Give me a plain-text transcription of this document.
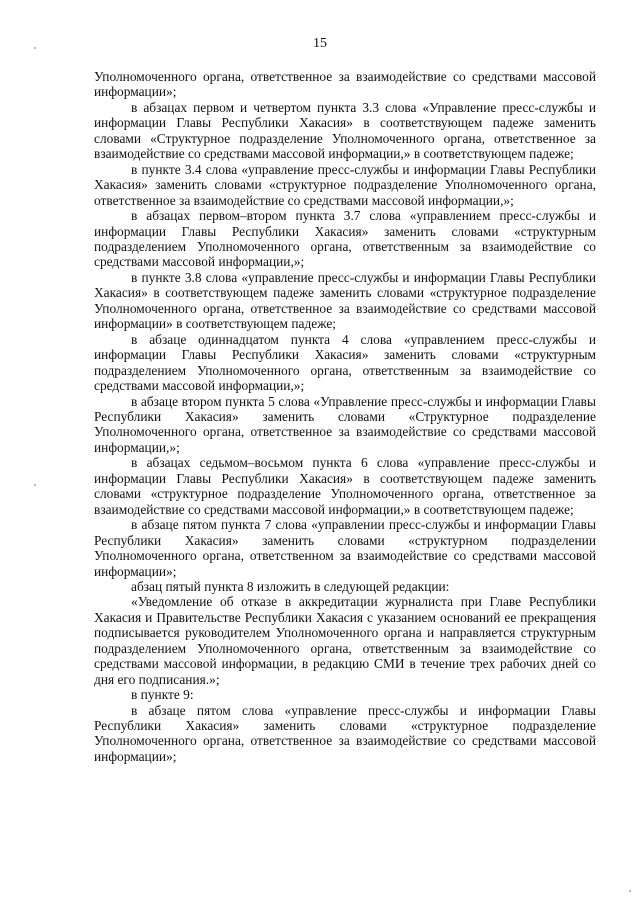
15

Уполномоченного органа, ответственное за взаимодействие со средствами массовой информации»;

в абзацах первом и четвертом пункта 3.3 слова «Управление пресс-службы и информации Главы Республики Хакасия» в соответствующем падеже заменить словами «Структурное подразделение Уполномоченного органа, ответственное за взаимодействие со средствами массовой информации,» в соответствующем падеже;

в пункте 3.4 слова «управление пресс-службы и информации Главы Республики Хакасия» заменить словами «структурное подразделение Уполномоченного органа, ответственное за взаимодействие со средствами массовой информации,»;

в абзацах первом–втором пункта 3.7 слова «управлением пресс-службы и информации Главы Республики Хакасия» заменить словами «структурным подразделением Уполномоченного органа, ответственным за взаимодействие со средствами массовой информации,»;

в пункте 3.8 слова «управление пресс-службы и информации Главы Республики Хакасия» в соответствующем падеже заменить словами «структурное подразделение Уполномоченного органа, ответственное за взаимодействие со средствами массовой информации» в соответствующем падеже;

в абзаце одиннадцатом пункта 4 слова «управлением пресс-службы и информации Главы Республики Хакасия» заменить словами «структурным подразделением Уполномоченного органа, ответственным за взаимодействие со средствами массовой информации,»;

в абзаце втором пункта 5 слова «Управление пресс-службы и информации Главы Республики Хакасия» заменить словами «Структурное подразделение Уполномоченного органа, ответственное за взаимодействие со средствами массовой информации,»;

в абзацах седьмом–восьмом пункта 6 слова «управление пресс-службы и информации Главы Республики Хакасия» в соответствующем падеже заменить словами «структурное подразделение Уполномоченного органа, ответственное за взаимодействие со средствами массовой информации,» в соответствующем падеже;

в абзаце пятом пункта 7 слова «управлении пресс-службы и информации Главы Республики Хакасия» заменить словами «структурном подразделении Уполномоченного органа, ответственном за взаимодействие со средствами массовой информации»;

абзац пятый пункта 8 изложить в следующей редакции:

«Уведомление об отказе в аккредитации журналиста при Главе Республики Хакасия и Правительстве Республики Хакасия с указанием оснований ее прекращения подписывается руководителем Уполномоченного органа и направляется структурным подразделением Уполномоченного органа, ответственным за взаимодействие со средствами массовой информации, в редакцию СМИ в течение трех рабочих дней со дня его подписания.»;

в пункте 9:

в абзаце пятом слова «управление пресс-службы и информации Главы Республики Хакасия» заменить словами «структурное подразделение Уполномоченного органа, ответственное за взаимодействие со средствами массовой информации»;
